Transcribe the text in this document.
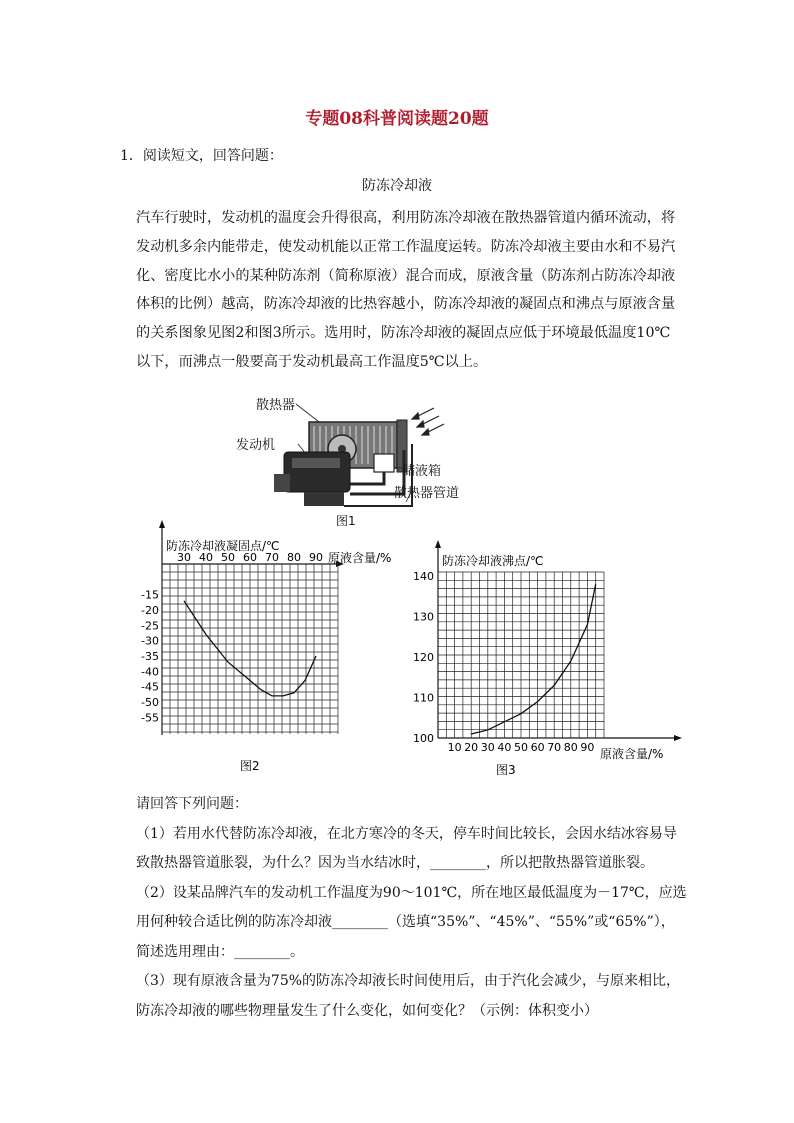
专题08科普阅读题20题
1．阅读短文，回答问题：
防冻冷却液

汽车行驶时，发动机的温度会升得很高，利用防冻冷却液在散热器管道内循环流动，将

发动机多余内能带走，使发动机能以正常工作温度运转。防冻冷却液主要由水和不易汽

化、密度比水小的某种防冻剂（简称原液）混合而成，原液含量（防冻剂占防冻冷却液

体积的比例）越高，防冻冷却液的比热容越小，防冻冷却液的凝固点和沸点与原液含量

的关系图象见图2和图3所示。选用时，防冻冷却液的凝固点应低于环境最低温度10℃

以下，而沸点一般要高于发动机最高工作温度5℃以上。

散热器
发动机
储液箱
散热器管道
图1
防冻冷却液凝固点/℃
原液含量/%
30 40 50 60 70 80 90
-15
-20
-25
-30
-35
-40
-45
-50
-55
图2
防冻冷却液沸点/℃
原液含量/%
10 20 30 40 50 60 70 80 90
100
110
120
130
140
图3

请回答下列问题：

（1）若用水代替防冻冷却液，在北方寒冷的冬天，停车时间比较长，会因水结冰容易导

致散热器管道胀裂，为什么？因为当水结冰时，________，所以把散热器管道胀裂。

（2）设某品牌汽车的发动机工作温度为90～101℃，所在地区最低温度为－17℃，应选

用何种较合适比例的防冻冷却液________（选填“35%”、“45%”、“55%”或“65%”），

简述选用理由：________。

（3）现有原液含量为75%的防冻冷却液长时间使用后，由于汽化会减少，与原来相比，

防冻冷却液的哪些物理量发生了什么变化，如何变化？（示例：体积变小）
